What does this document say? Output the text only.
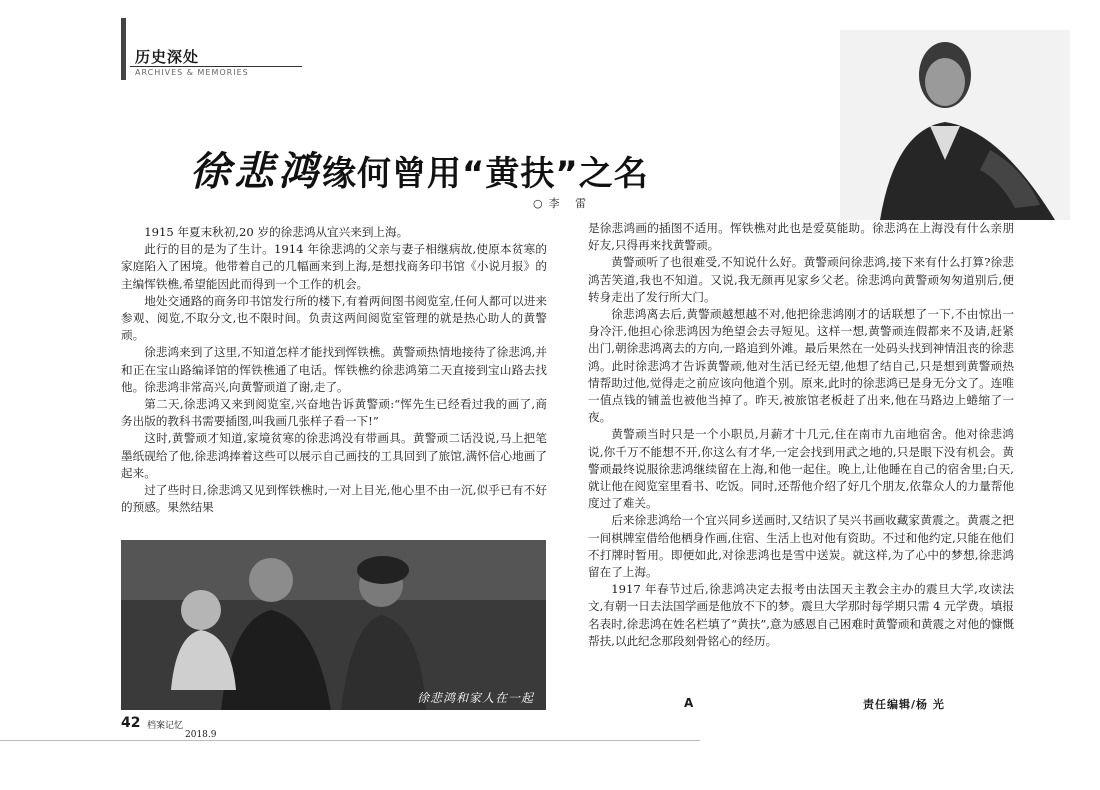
历史深处
ARCHIVES & MEMORIES
徐悲鸿缘何曾用“黄扶”之名
○李 雷

1915 年夏末秋初,20 岁的徐悲鸿从宜兴来到上海。

此行的目的是为了生计。1914 年徐悲鸿的父亲与妻子相继病故,使原本贫寒的家庭陷入了困境。他带着自己的几幅画来到上海,是想找商务印书馆《小说月报》的主编恽铁樵,希望能因此而得到一个工作的机会。

地处交通路的商务印书馆发行所的楼下,有着两间图书阅览室,任何人都可以进来参观、阅览,不取分文,也不限时间。负责这两间阅览室管理的就是热心助人的黄警顽。

徐悲鸿来到了这里,不知道怎样才能找到恽铁樵。黄警顽热情地接待了徐悲鸿,并和正在宝山路编译馆的恽铁樵通了电话。恽铁樵约徐悲鸿第二天直接到宝山路去找他。徐悲鸿非常高兴,向黄警顽道了谢,走了。

第二天,徐悲鸿又来到阅览室,兴奋地告诉黄警顽:“恽先生已经看过我的画了,商务出版的教科书需要插图,叫我画几张样子看一下!”

这时,黄警顽才知道,家境贫寒的徐悲鸿没有带画具。黄警顽二话没说,马上把笔墨纸砚给了他,徐悲鸿捧着这些可以展示自己画技的工具回到了旅馆,满怀信心地画了起来。

过了些时日,徐悲鸿又见到恽铁樵时,一对上目光,他心里不由一沉,似乎已有不好的预感。果然结果

徐悲鸿和家人在一起

是徐悲鸿画的插图不适用。恽铁樵对此也是爱莫能助。徐悲鸿在上海没有什么亲朋好友,只得再来找黄警顽。

黄警顽听了也很难受,不知说什么好。黄警顽问徐悲鸿,接下来有什么打算?徐悲鸿苦笑道,我也不知道。又说,我无颜再见家乡父老。徐悲鸿向黄警顽匆匆道别后,便转身走出了发行所大门。

徐悲鸿离去后,黄警顽越想越不对,他把徐悲鸿刚才的话联想了一下,不由惊出一身冷汗,他担心徐悲鸿因为绝望会去寻短见。这样一想,黄警顽连假都来不及请,赶紧出门,朝徐悲鸿离去的方向,一路追到外滩。最后果然在一处码头找到神情沮丧的徐悲鸿。此时徐悲鸿才告诉黄警顽,他对生活已经无望,他想了结自己,只是想到黄警顽热情帮助过他,觉得走之前应该向他道个别。原来,此时的徐悲鸿已是身无分文了。连唯一值点钱的铺盖也被他当掉了。昨天,被旅馆老板赶了出来,他在马路边上蜷缩了一夜。

黄警顽当时只是一个小职员,月薪才十几元,住在南市九亩地宿舍。他对徐悲鸿说,你千万不能想不开,你这么有才华,一定会找到用武之地的,只是眼下没有机会。黄警顽最终说服徐悲鸿继续留在上海,和他一起住。晚上,让他睡在自己的宿舍里;白天,就让他在阅览室里看书、吃饭。同时,还帮他介绍了好几个朋友,依靠众人的力量帮他度过了难关。

后来徐悲鸿给一个宜兴同乡送画时,又结识了吴兴书画收藏家黄震之。黄震之把一间棋牌室借给他栖身作画,住宿、生活上也对他有资助。不过和他约定,只能在他们不打牌时暂用。即便如此,对徐悲鸿也是雪中送炭。就这样,为了心中的梦想,徐悲鸿留在了上海。

1917 年春节过后,徐悲鸿决定去报考由法国天主教会主办的震旦大学,攻读法文,有朝一日去法国学画是他放不下的梦。震旦大学那时每学期只需 4 元学费。填报名表时,徐悲鸿在姓名栏填了“黄扶”,意为感恩自己困难时黄警顽和黄震之对他的慷慨帮扶,以此纪念那段刻骨铭心的经历。

A	责任编辑/杨 光
42 档案记忆
2018.9
